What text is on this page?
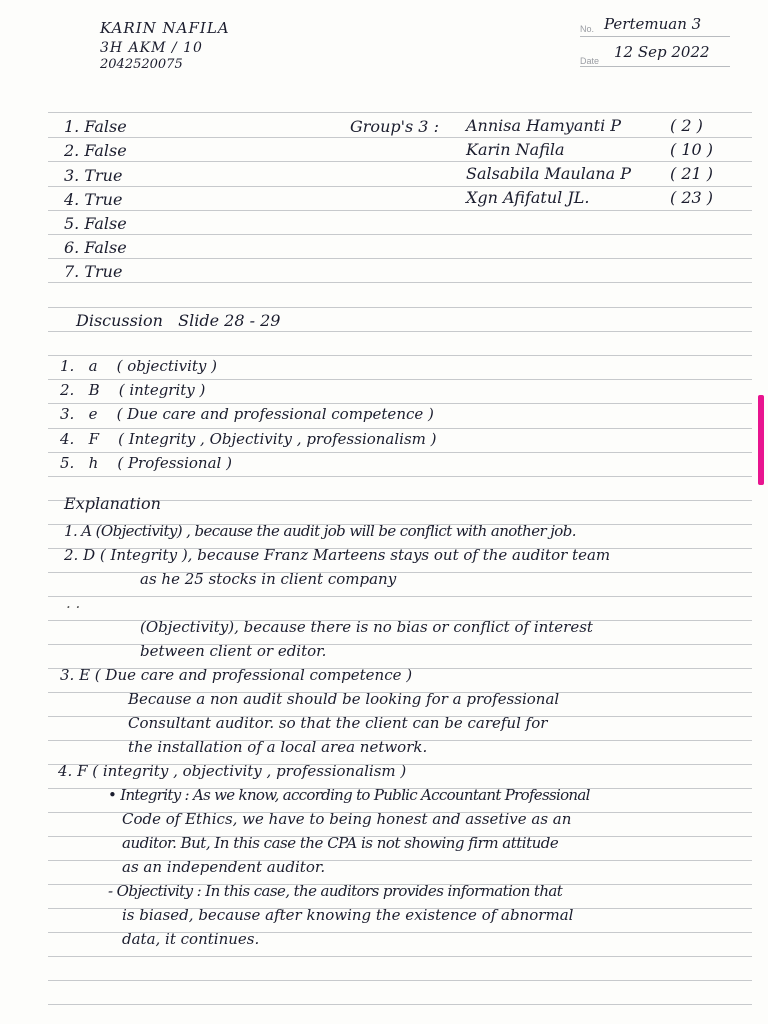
KARIN NAFILA
3H AKM / 10
2042520075
No. Pertemuan 3
Date 12 Sep 2022
1. False
2. False
3. True
4. True
5. False
6. False
7. True
Group's 3 : Annisa Hamyanti P	( 2 )
Karin Nafila	( 10 )
Salsabila Maulana P ( 21 )
Xgn Afifatul JL.	( 23 )
Discussion   Slide 28 - 29
1.   a    ( objectivity )
2.   B    ( integrity )
3.   e    ( Due care and professional competence )
4.   F    ( Integrity , Objectivity , professionalism )
5.   h    ( Professional )
Explanation
1. A (Objectivity) , because the audit job will be conflict with another job.
2. D ( Integrity ), because Franz Marteens stays out of the auditor team
as he 25 stocks in client company
. .
(Objectivity), because there is no bias or conflict of interest
between client or editor.
3. E ( Due care and professional competence )
Because a non audit should be looking for a professional
Consultant auditor. so that the client can be careful for
the installation of a local area network.
4. F ( integrity , objectivity , professionalism )
• Integrity : As we know, according to Public Accountant Professional
Code of Ethics, we have to being honest and assetive as an
auditor. But, In this case the CPA is not showing firm attitude
as an independent auditor.
- Objectivity : In this case, the auditors provides information that
is biased, because after knowing the existence of abnormal
data, it continues.
